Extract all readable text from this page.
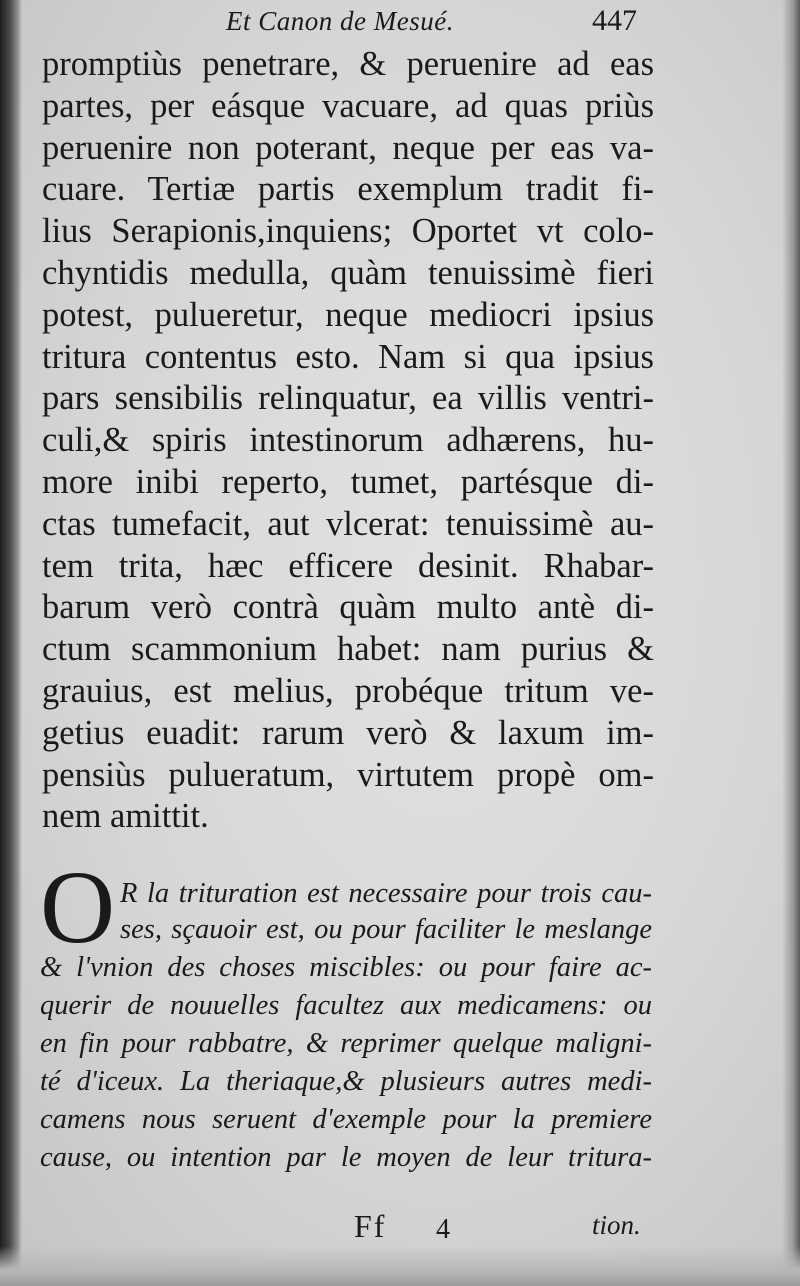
Et Canon de Mesué.	447
promptiùs penetrare, & peruenire ad eas
partes, per eásque vacuare, ad quas priùs
peruenire non poterant, neque per eas va-
cuare. Tertiæ partis exemplum tradit fi-
lius Serapionis,inquiens; Oportet vt colo-
chyntidis medulla, quàm tenuissimè fieri
potest, pulueretur, neque mediocri ipsius
tritura contentus esto. Nam si qua ipsius
pars sensibilis relinquatur, ea villis ventri-
culi,& spiris intestinorum adhærens, hu-
more inibi reperto, tumet, partésque di-
ctas tumefacit, aut vlcerat: tenuissimè au-
tem trita, hæc efficere desinit. Rhabar-
barum verò contrà quàm multo antè di-
ctum scammonium habet: nam purius &
grauius, est melius, probéque tritum ve-
getius euadit: rarum verò & laxum im-
pensiùs pulueratum, virtutem propè om-
nem amittit.
O R la trituration est necessaire pour trois cau-
ses, sçauoir est, ou pour faciliter le meslange
& l'vnion des choses miscibles: ou pour faire ac-
querir de nouuelles facultez aux medicamens: ou
en fin pour rabbatre, & reprimer quelque maligni-
té d'iceux. La theriaque,& plusieurs autres medi-
camens nous seruent d'exemple pour la premiere
cause, ou intention par le moyen de leur tritura-
Ff 4	tion.
